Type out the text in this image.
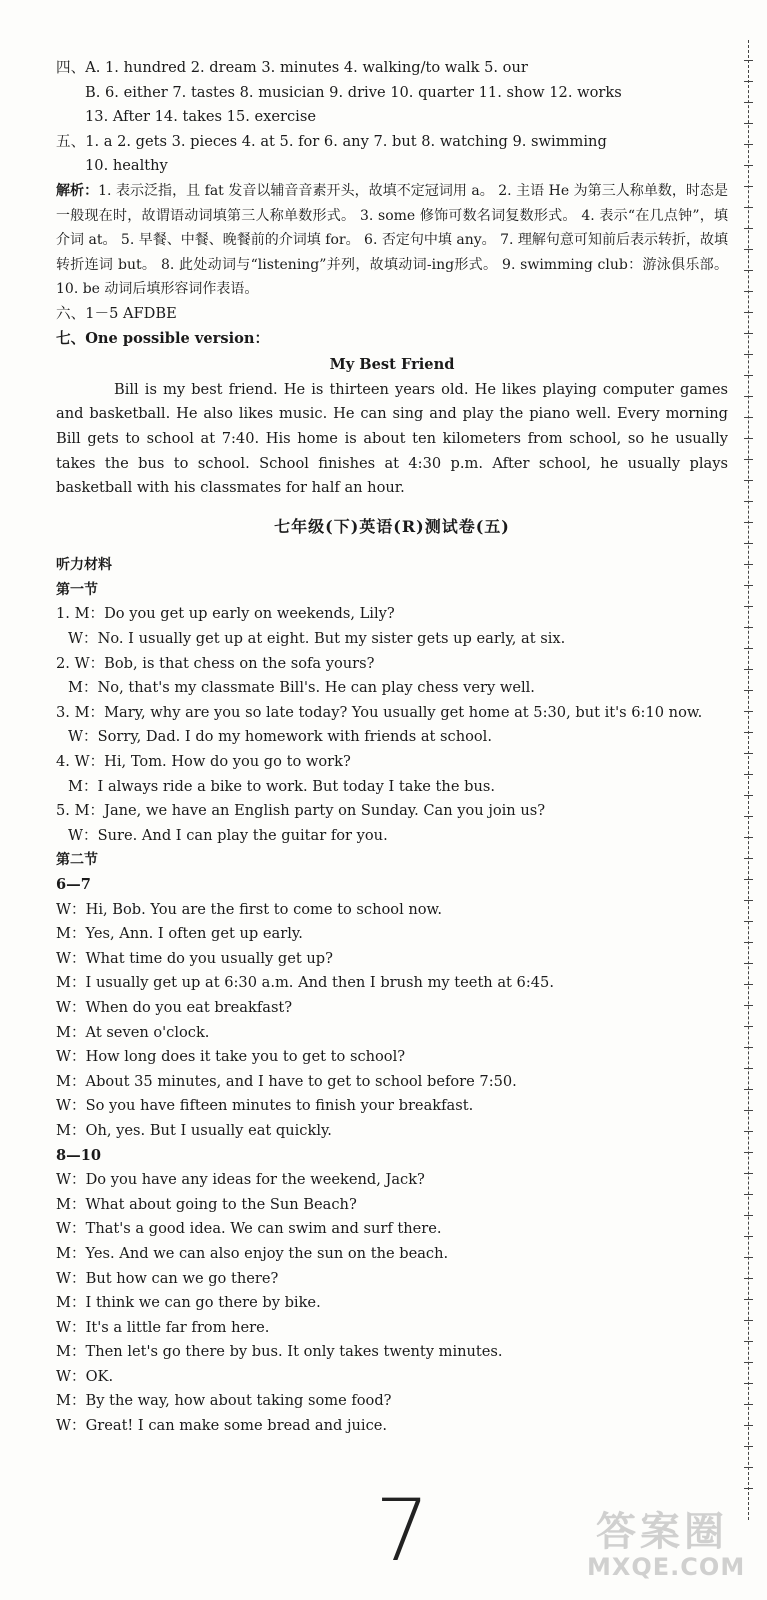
四、A. 1. hundred 2. dream 3. minutes 4. walking/to walk 5. our
B. 6. either 7. tastes 8. musician 9. drive 10. quarter 11. show 12. works
13. After 14. takes 15. exercise
五、1. a 2. gets 3. pieces 4. at 5. for 6. any 7. but 8. watching 9. swimming
10. healthy
解析：1. 表示泛指，且 fat 发音以辅音音素开头，故填不定冠词用 a。 2. 主语 He 为第三人称单数，时态是一般现在时，故谓语动词填第三人称单数形式。 3. some 修饰可数名词复数形式。 4. 表示“在几点钟”，填介词 at。 5. 早餐、中餐、晚餐前的介词填 for。 6. 否定句中填 any。 7. 理解句意可知前后表示转折，故填转折连词 but。 8. 此处动词与“listening”并列，故填动词-ing形式。 9. swimming club：游泳俱乐部。 10. be 动词后填形容词作表语。
六、1－5 AFDBE
七、One possible version：
My Best Friend
Bill is my best friend. He is thirteen years old. He likes playing computer games and basketball. He also likes music. He can sing and play the piano well. Every morning Bill gets to school at 7:40. His home is about ten kilometers from school, so he usually takes the bus to school. School finishes at 4:30 p.m. After school, he usually plays basketball with his classmates for half an hour.
七年级(下)英语(R)测试卷(五)
听力材料
第一节
1. M：Do you get up early on weekends, Lily?
W：No. I usually get up at eight. But my sister gets up early, at six.
2. W：Bob, is that chess on the sofa yours?
M：No, that's my classmate Bill's. He can play chess very well.
3. M：Mary, why are you so late today? You usually get home at 5:30, but it's 6:10 now.
W：Sorry, Dad. I do my homework with friends at school.
4. W：Hi, Tom. How do you go to work?
M：I always ride a bike to work. But today I take the bus.
5. M：Jane, we have an English party on Sunday. Can you join us?
W：Sure. And I can play the guitar for you.
第二节
6—7
W：Hi, Bob. You are the first to come to school now.
M：Yes, Ann. I often get up early.
W：What time do you usually get up?
M：I usually get up at 6:30 a.m. And then I brush my teeth at 6:45.
W：When do you eat breakfast?
M：At seven o'clock.
W：How long does it take you to get to school?
M：About 35 minutes, and I have to get to school before 7:50.
W：So you have fifteen minutes to finish your breakfast.
M：Oh, yes. But I usually eat quickly.
8—10
W：Do you have any ideas for the weekend, Jack?
M：What about going to the Sun Beach?
W：That's a good idea. We can swim and surf there.
M：Yes. And we can also enjoy the sun on the beach.
W：But how can we go there?
M：I think we can go there by bike.
W：It's a little far from here.
M：Then let's go there by bus. It only takes twenty minutes.
W：OK.
M：By the way, how about taking some food?
W：Great! I can make some bread and juice.
7	答案圈
MXQE.COM
